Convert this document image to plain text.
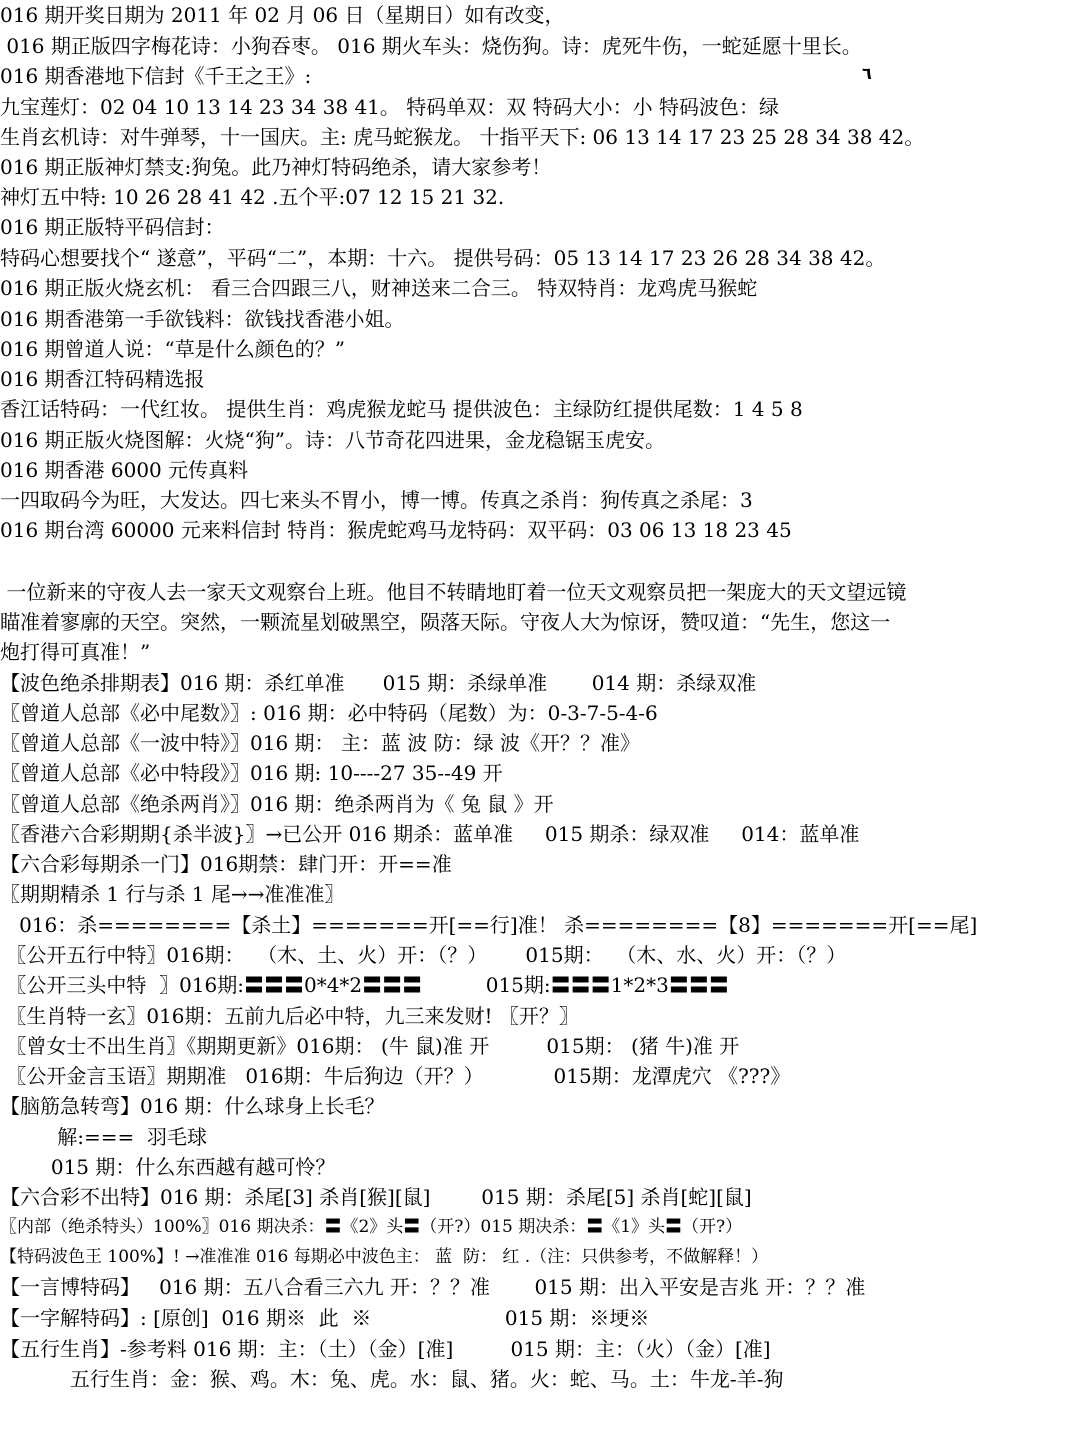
٦
016 期开奖日期为 2011 年 02 月 06 日（星期日）如有改变，
016 期正版四字梅花诗：小狗吞枣。 016 期火车头：烧伤狗。诗：虎死牛伤，一蛇延愿十里长。
016 期香港地下信封《千王之王》:
九宝莲灯：02 04 10 13 14 23 34 38 41。 特码单双：双 特码大小：小 特码波色：绿
生肖玄机诗：对牛弹琴，十一国庆。主: 虎马蛇猴龙。 十指平天下: 06 13 14 17 23 25 28 34 38 42。
016 期正版神灯禁支:狗兔。此乃神灯特码绝杀，请大家参考！
神灯五中特: 10 26 28 41 42 .五个平:07 12 15 21 32.
016 期正版特平码信封：
特码心想要找个“ 遂意”，平码“二”，本期：十六。 提供号码：05 13 14 17 23 26 28 34 38 42。
016 期正版火烧玄机： 看三合四跟三八，财神送来二合三。 特双特肖：龙鸡虎马猴蛇
016 期香港第一手欲钱料：欲钱找香港小姐。
016 期曾道人说：“草是什么颜色的？”
016 期香江特码精选报
香江话特码：一代红妆。 提供生肖：鸡虎猴龙蛇马 提供波色：主绿防红提供尾数：1 4 5 8
016 期正版火烧图解：火烧“狗”。诗：八节奇花四进果，金龙稳锯玉虎安。
016 期香港 6000 元传真料
一四取码今为旺，大发达。四七来头不胃小，博一博。传真之杀肖：狗传真之杀尾：3
016 期台湾 60000 元来料信封 特肖：猴虎蛇鸡马龙特码：双平码：03 06 13 18 23 45

一位新来的守夜人去一家天文观察台上班。他目不转睛地盯着一位天文观察员把一架庞大的天文望远镜
瞄准着寥廓的天空。突然，一颗流星划破黑空，陨落天际。守夜人大为惊讶，赞叹道：“先生，您这一
炮打得可真准！”
【波色绝杀排期表】016 期：杀红单准      015 期：杀绿单准       014 期：杀绿双准
〖曾道人总部《必中尾数》〗: 016 期：必中特码（尾数）为：0-3-7-5-4-6
〖曾道人总部《一波中特》〗016 期： 主：蓝 波 防：绿 波《开？？准》
〖曾道人总部《必中特段》〗016 期: 10----27 35--49 开
〖曾道人总部《绝杀两肖》〗016 期：绝杀两肖为《 兔 鼠 》开
〖香港六合彩期期{杀半波}〗→已公开 016 期杀：蓝单准     015 期杀：绿双准     014：蓝单准
【六合彩每期杀一门】016期禁：肆门开：开==准
〖期期精杀 1 行与杀 1 尾→→准准准〗
016：杀========【杀土】=======开[==行]准！ 杀========【8】=======开[==尾]
〖公开五行中特〗016期：  （木、土、火）开：（？）      015期：  （木、水、火）开：（？）
〖公开三头中特  〗016期:〓〓〓0*4*2〓〓〓          015期:〓〓〓1*2*3〓〓〓
〖生肖特一玄〗016期：五前九后必中特，九三来发财! 〖开？〗
〖曾女士不出生肖〗《期期更新》016期： (牛 鼠)准 开         015期： (猪 牛)准 开
〖公开金言玉语〗期期准   016期：牛后狗边（开？）           015期：龙潭虎穴 《???》
【脑筋急转弯】016 期：什么球身上长毛？
解:===  羽毛球
015 期：什么东西越有越可怜？
【六合彩不出特】016 期：杀尾[3] 杀肖[猴][鼠]        015 期：杀尾[5] 杀肖[蛇][鼠]
〖内部（绝杀特头）100%〗016 期决杀：〓《2》头〓（开?）015 期决杀：〓《1》头〓（开?）
【特码波色王 100%】! →准准准 016 每期必中波色主： 蓝  防： 红 .（注：只供参考，不做解释！）
【一言博特码】   016 期：五八合看三六九 开：？？准       015 期：出入平安是吉兆 开：？？准
【一字解特码】: [原创]  016 期※  此  ※                     015 期：※埂※
【五行生肖】-参考料 016 期：主：（土）（金）[准]         015 期：主：（火）（金）[准]
五行生肖：金：猴、鸡。木：兔、虎。水：鼠、猪。火：蛇、马。土：牛龙-羊-狗
